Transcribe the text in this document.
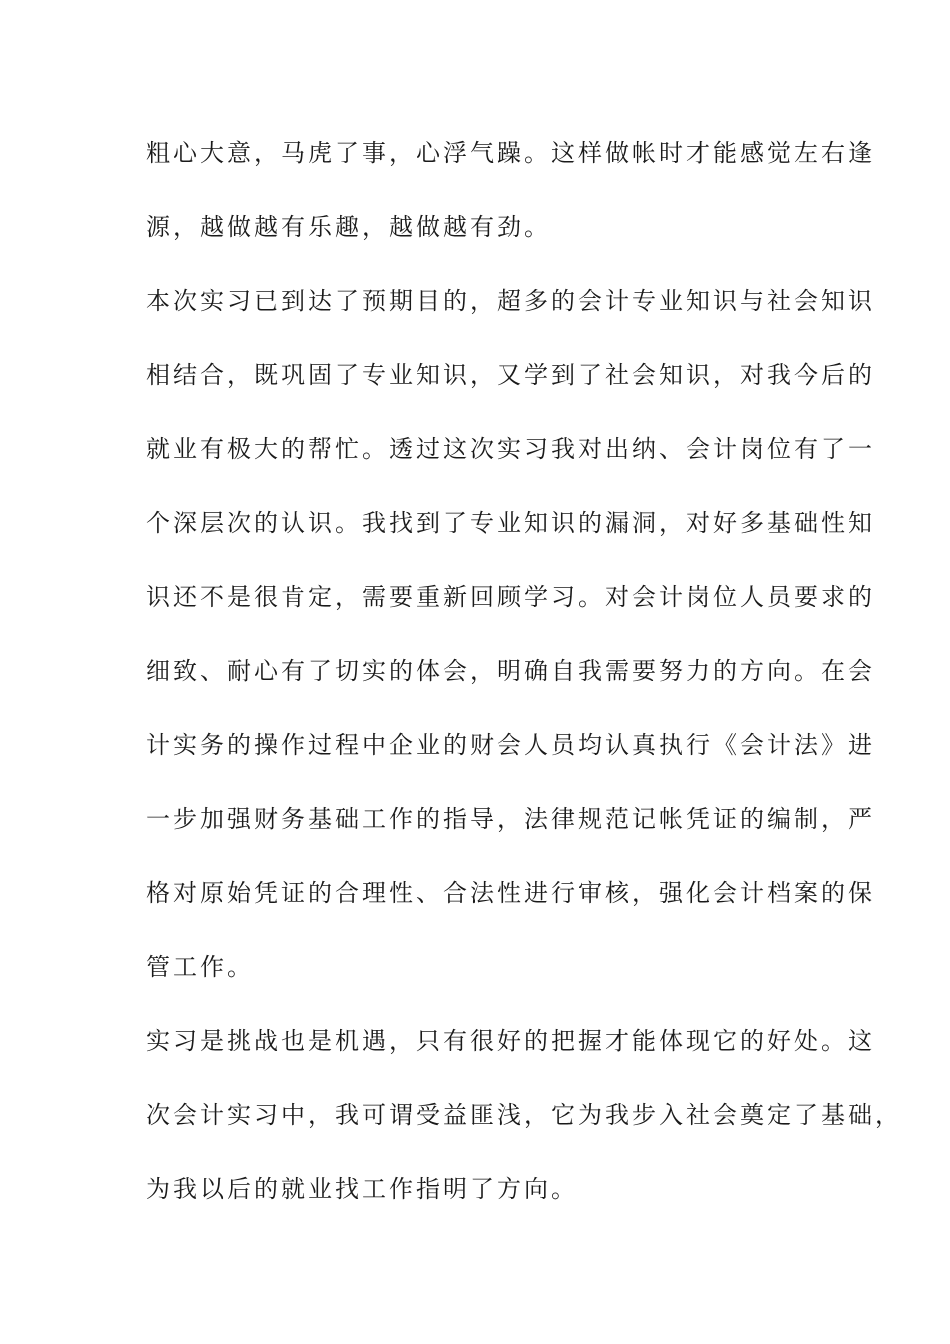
粗心大意，马虎了事，心浮气躁。这样做帐时才能感觉左右逢
源，越做越有乐趣，越做越有劲。
本次实习已到达了预期目的，超多的会计专业知识与社会知识
相结合，既巩固了专业知识，又学到了社会知识，对我今后的
就业有极大的帮忙。透过这次实习我对出纳、会计岗位有了一
个深层次的认识。我找到了专业知识的漏洞，对好多基础性知
识还不是很肯定，需要重新回顾学习。对会计岗位人员要求的
细致、耐心有了切实的体会，明确自我需要努力的方向。在会
计实务的操作过程中企业的财会人员均认真执行《会计法》进
一步加强财务基础工作的指导，法律规范记帐凭证的编制，严
格对原始凭证的合理性、合法性进行审核，强化会计档案的保
管工作。
实习是挑战也是机遇，只有很好的把握才能体现它的好处。这
次会计实习中，我可谓受益匪浅，它为我步入社会奠定了基础，
为我以后的就业找工作指明了方向。
